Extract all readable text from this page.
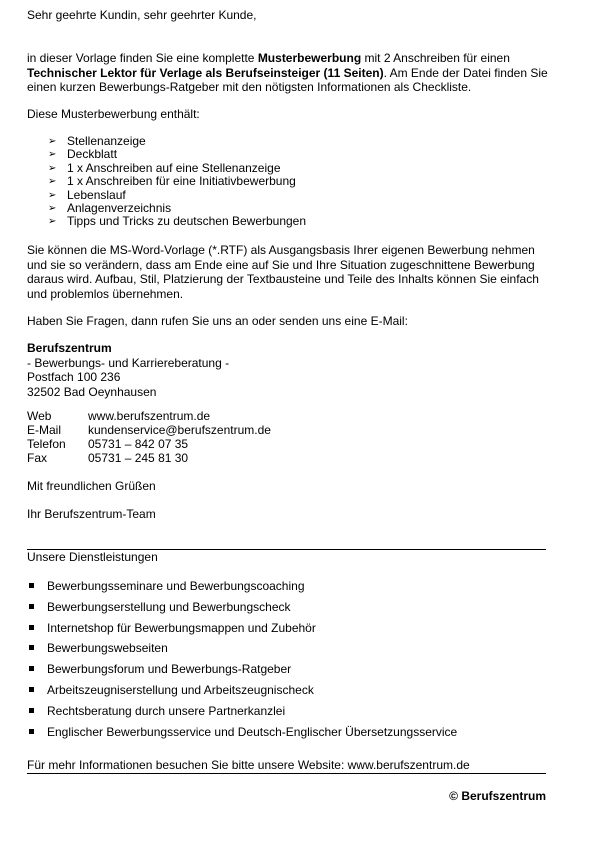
Sehr geehrte Kundin, sehr geehrter Kunde,

in dieser Vorlage finden Sie eine komplette Musterbewerbung mit 2 Anschreiben für einen Technischer Lektor für Verlage als Berufseinsteiger (11 Seiten). Am Ende der Datei finden Sie einen kurzen Bewerbungs-Ratgeber mit den nötigsten Informationen als Checkliste.

Diese Musterbewerbung enthält:

➢ Stellenanzeige
➢ Deckblatt
➢ 1 x Anschreiben auf eine Stellenanzeige
➢ 1 x Anschreiben für eine Initiativbewerbung
➢ Lebenslauf
➢ Anlagenverzeichnis
➢ Tipps und Tricks zu deutschen Bewerbungen

Sie können die MS-Word-Vorlage (*.RTF) als Ausgangsbasis Ihrer eigenen Bewerbung nehmen und sie so verändern, dass am Ende eine auf Sie und Ihre Situation zugeschnittene Bewerbung daraus wird. Aufbau, Stil, Platzierung der Textbausteine und Teile des Inhalts können Sie einfach und problemlos übernehmen.

Haben Sie Fragen, dann rufen Sie uns an oder senden uns eine E-Mail:

Berufszentrum

- Bewerbungs- und Karriereberatung -

Postfach 100 236

32502 Bad Oeynhausen

Web	www.berufszentrum.de
E-Mail	kundenservice@berufszentrum.de
Telefon	05731 – 842 07 35
Fax	05731 – 245 81 30

Mit freundlichen Grüßen

Ihr Berufszentrum-Team

Unsere Dienstleistungen

Bewerbungsseminare und Bewerbungscoaching
Bewerbungserstellung und Bewerbungscheck
Internetshop für Bewerbungsmappen und Zubehör
Bewerbungswebseiten
Bewerbungsforum und Bewerbungs-Ratgeber
Arbeitszeugniserstellung und Arbeitszeugnischeck
Rechtsberatung durch unsere Partnerkanzlei
Englischer Bewerbungsservice und Deutsch-Englischer Übersetzungsservice

Für mehr Informationen besuchen Sie bitte unsere Website: www.berufszentrum.de

© Berufszentrum
